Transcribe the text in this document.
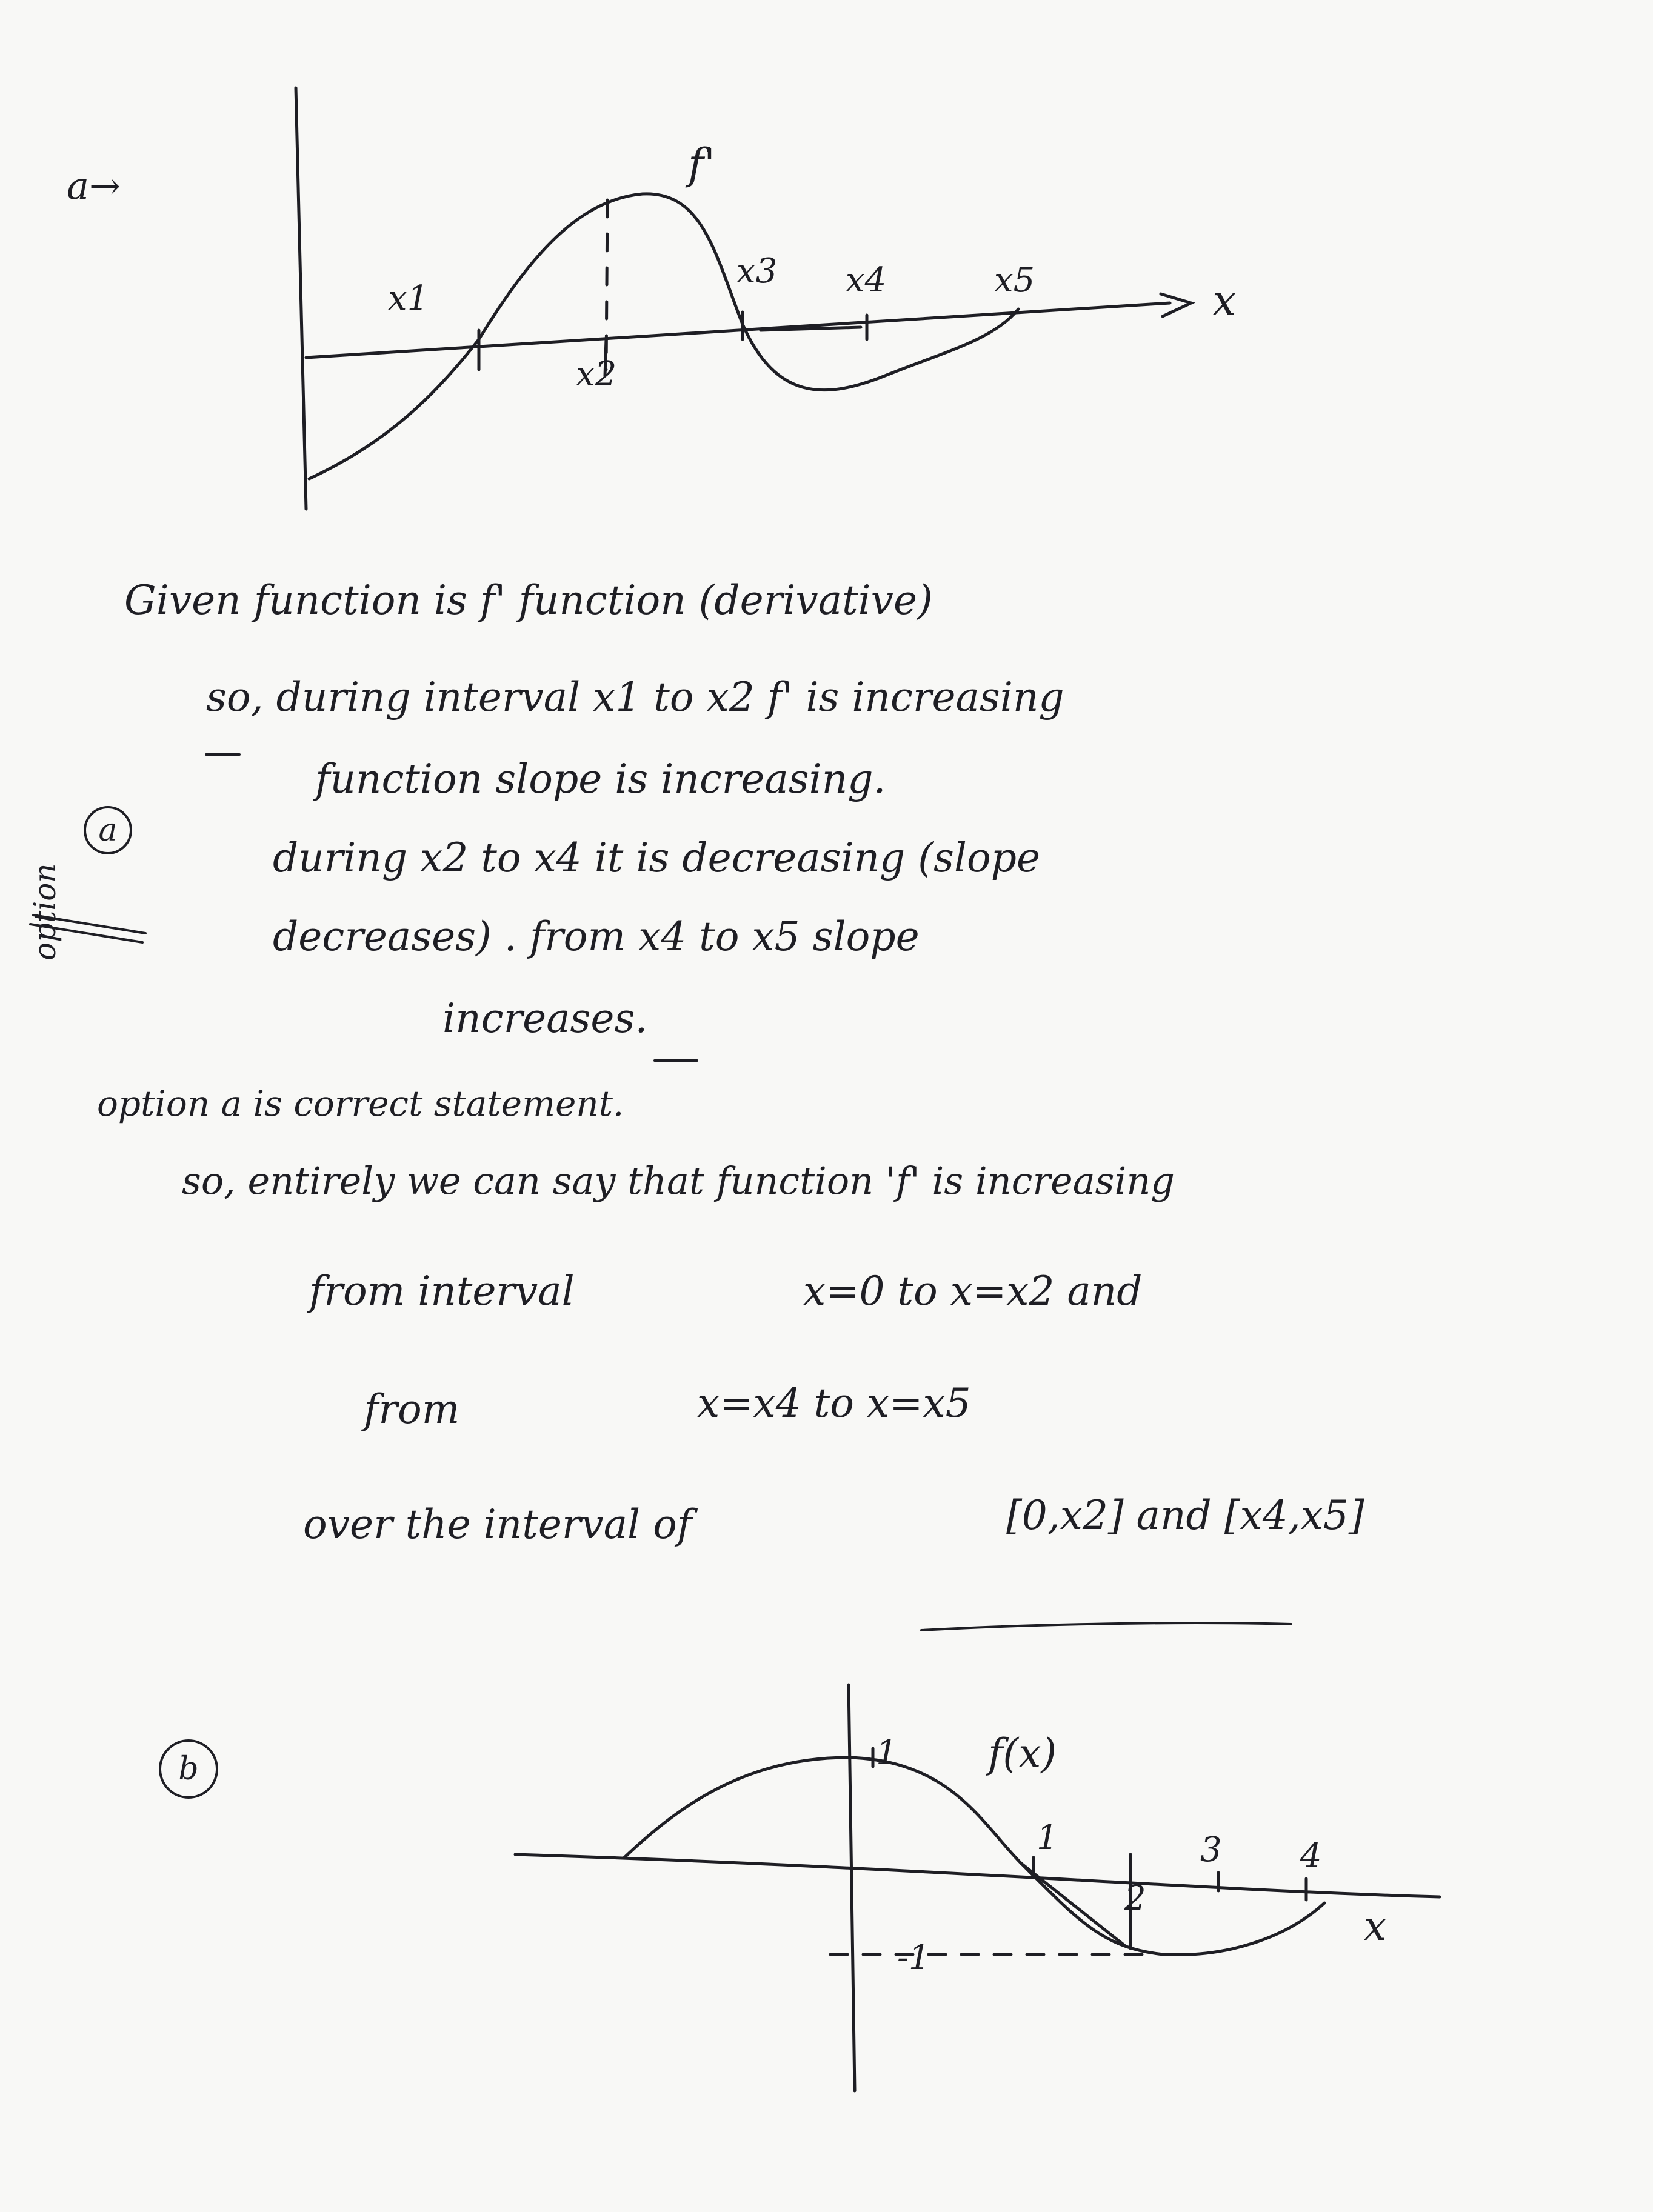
a→	f'
x
x1
x2
x3 x4	x5
Given function is f' function (derivative)
so, during interval x1 to x2 f' is increasing
function slope is increasing.
during x2 to x4 it is decreasing (slope
decreases) . from x4 to x5 slope
increases.
option a is correct statement.
so, entirely we can say that function 'f' is increasing
from interval	x=0 to x=x2 and
from	x=x4 to x=x5
over the interval of	[0,x2] and [x4,x5]
a
option
b	f(x)
1
-1
1
2
3 4
x
